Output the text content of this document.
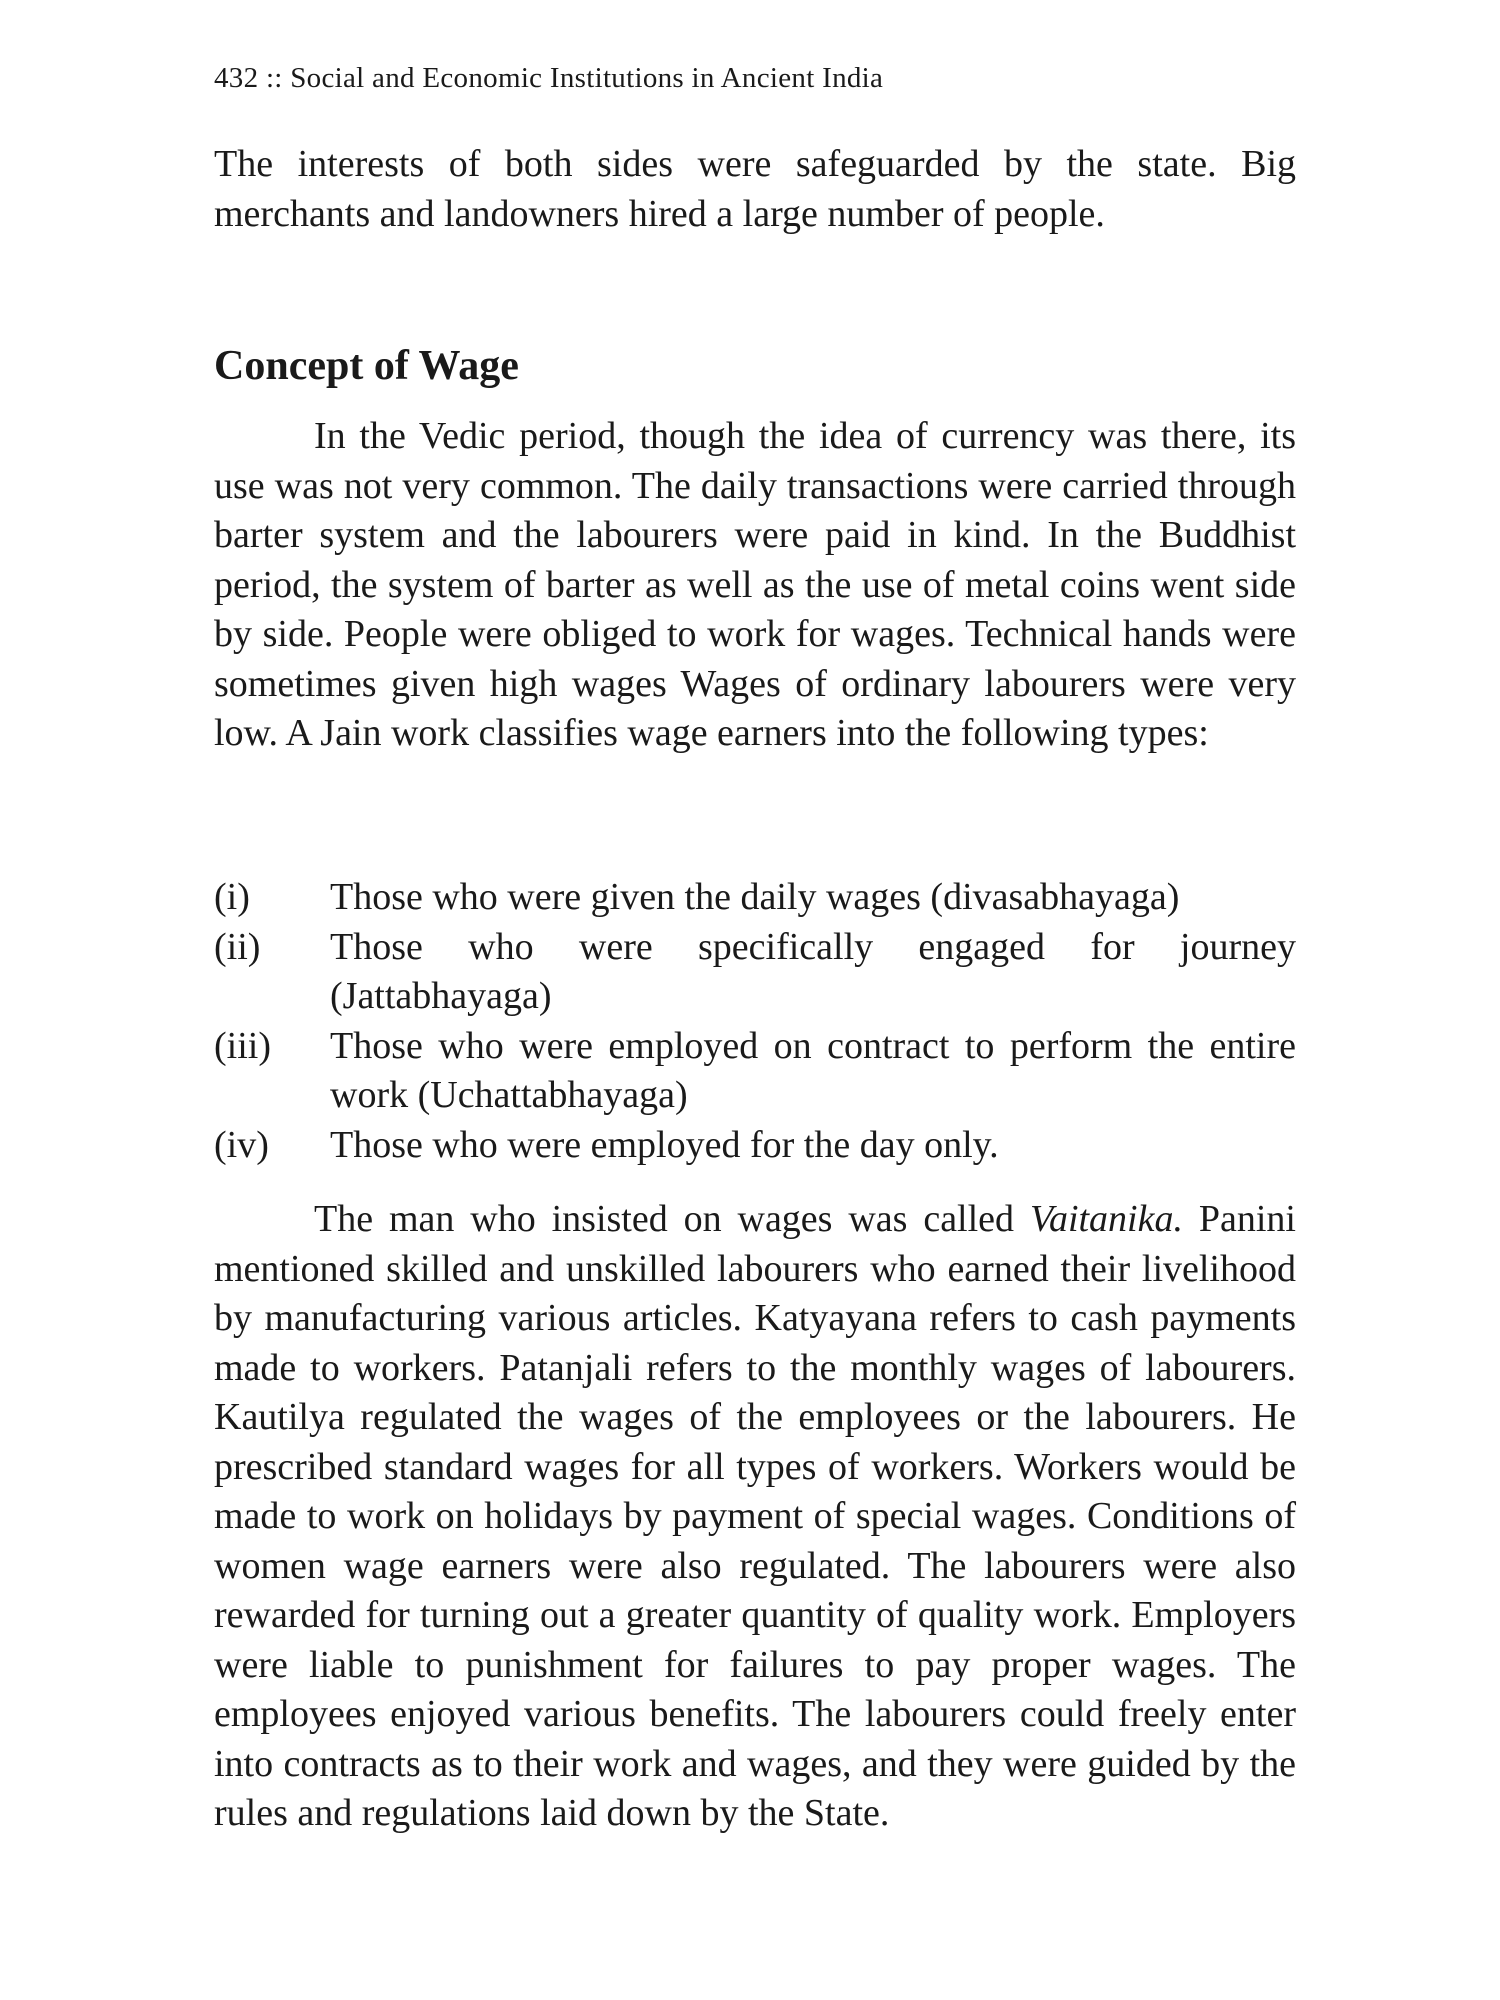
432 :: Social and Economic Institutions in Ancient India

The interests of both sides were safeguarded by the state. Big merchants and landowners hired a large number of people.

Concept of Wage

In the Vedic period, though the idea of currency was there, its use was not very common. The daily transactions were carried through barter system and the labourers were paid in kind. In the Buddhist period, the system of barter as well as the use of metal coins went side by side. People were obliged to work for wages. Technical hands were sometimes given high wages Wages of ordinary labourers were very low. A Jain work classifies wage earners into the following types:

(i)	Those who were given the daily wages (divasabhayaga)
(ii)	Those who were specifically engaged for journey (Jattabhayaga)
(iii)	Those who were employed on contract to perform the entire work (Uchattabhayaga)
(iv)	Those who were employed for the day only.

The man who insisted on wages was called Vaitanika. Panini mentioned skilled and unskilled labourers who earned their livelihood by manufacturing various articles. Katyayana refers to cash payments made to workers. Patanjali refers to the monthly wages of labourers. Kautilya regulated the wages of the employees or the labourers. He prescribed standard wages for all types of workers. Workers would be made to work on holidays by payment of special wages. Conditions of women wage earners were also regulated. The labourers were also rewarded for turning out a greater quantity of quality work. Employers were liable to punishment for failures to pay proper wages. The employees enjoyed various benefits. The labourers could freely enter into contracts as to their work and wages, and they were guided by the rules and regulations laid down by the State.
